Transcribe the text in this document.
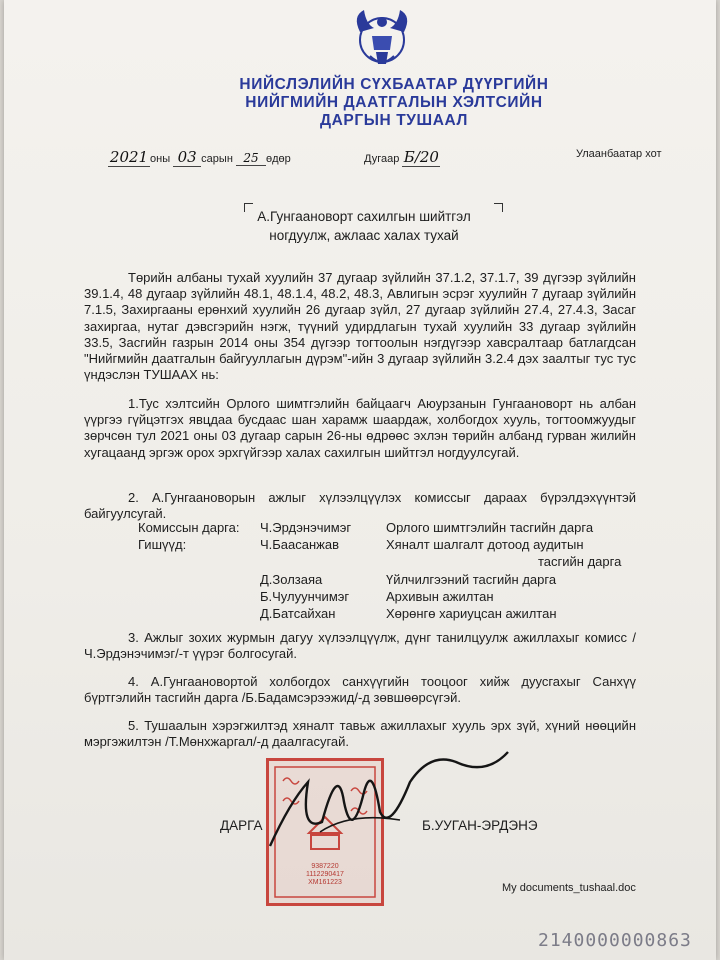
НИЙСЛЭЛИЙН СҮХБААТАР ДҮҮРГИЙН
НИЙГМИЙН ДААТГАЛЫН ХЭЛТСИЙН
ДАРГЫН ТУШААЛ
2021 оны 03 сарын 25 өдөр	Дугаар Б/20	Улаанбаатар хот
А.Гунгаановорт сахилгын шийтгэл
ногдуулж, ажлаас халах тухай

Төрийн албаны тухай хуулийн 37 дугаар зүйлийн 37.1.2, 37.1.7, 39 дүгээр зүйлийн 39.1.4, 48 дугаар зүйлийн 48.1, 48.1.4, 48.2, 48.3, Авлигын эсрэг хуулийн 7 дугаар зүйлийн 7.1.5, Захиргааны ерөнхий хуулийн 26 дугаар зүйл, 27 дугаар зүйлийн 27.4, 27.4.3, Засаг захиргаа, нутаг дэвсгэрийн нэгж, түүний удирдлагын тухай хуулийн 33 дугаар зүйлийн 33.5, Засгийн газрын 2014 оны 354 дүгээр тогтоолын нэгдүгээр хавсралтаар батлагдсан "Нийгмийн даатгалын байгууллагын дүрэм"-ийн 3 дугаар зүйлийн 3.2.4 дэх заалтыг тус тус үндэслэн ТУШААХ нь:

1.Тус хэлтсийн Орлого шимтгэлийн байцаагч Аюурзанын Гунгаановорт нь албан үүргээ гүйцэтгэх явцдаа бусдаас шан харамж шаардаж, холбогдох хууль, тогтоомжуудыг зөрчсөн тул 2021 оны 03 дугаар сарын 26-ны өдрөөс эхлэн төрийн албанд гурван жилийн хугацаанд эргэж орох эрхгүйгээр халах сахилгын шийтгэл ногдуулсугай.

2. А.Гунгаановорын ажлыг хүлээлцүүлэх комиссыг дараах бүрэлдэхүүнтэй байгуулсугай.

Комиссын дарга: Ч.Эрдэнэчимэг	Орлого шимтгэлийн тасгийн дарга
Гишүүд:	Ч.Баасанжав	Хяналт шалгалт дотоод аудитын
тасгийн дарга
Д.Золзаяа	Үйлчилгээний тасгийн дарга
Б.Чулуунчимэг	Архивын ажилтан
Д.Батсайхан	Хөрөнгө хариуцсан ажилтан

3. Ажлыг зохих журмын дагуу хүлээлцүүлж, дүнг танилцуулж ажиллахыг комисс /Ч.Эрдэнэчимэг/-т үүрэг болгосугай.

4. А.Гунгаановортой холбогдох санхүүгийн тооцоог хийж дуусгахыг Санхүү бүртгэлийн тасгийн дарга /Б.Бадамсэрээжид/-д зөвшөөрсүгэй.

5. Тушаалын хэрэгжилтэд хяналт тавьж ажиллахыг хууль эрх зүй, хүний нөөцийн мэргэжилтэн /Т.Мөнхжаргал/-д даалгасугай.

9387220
1112290417
ХМ161223
ДАРГА	Б.УУГАН-ЭРДЭНЭ
My documents_tushaal.doc
2140000000863
